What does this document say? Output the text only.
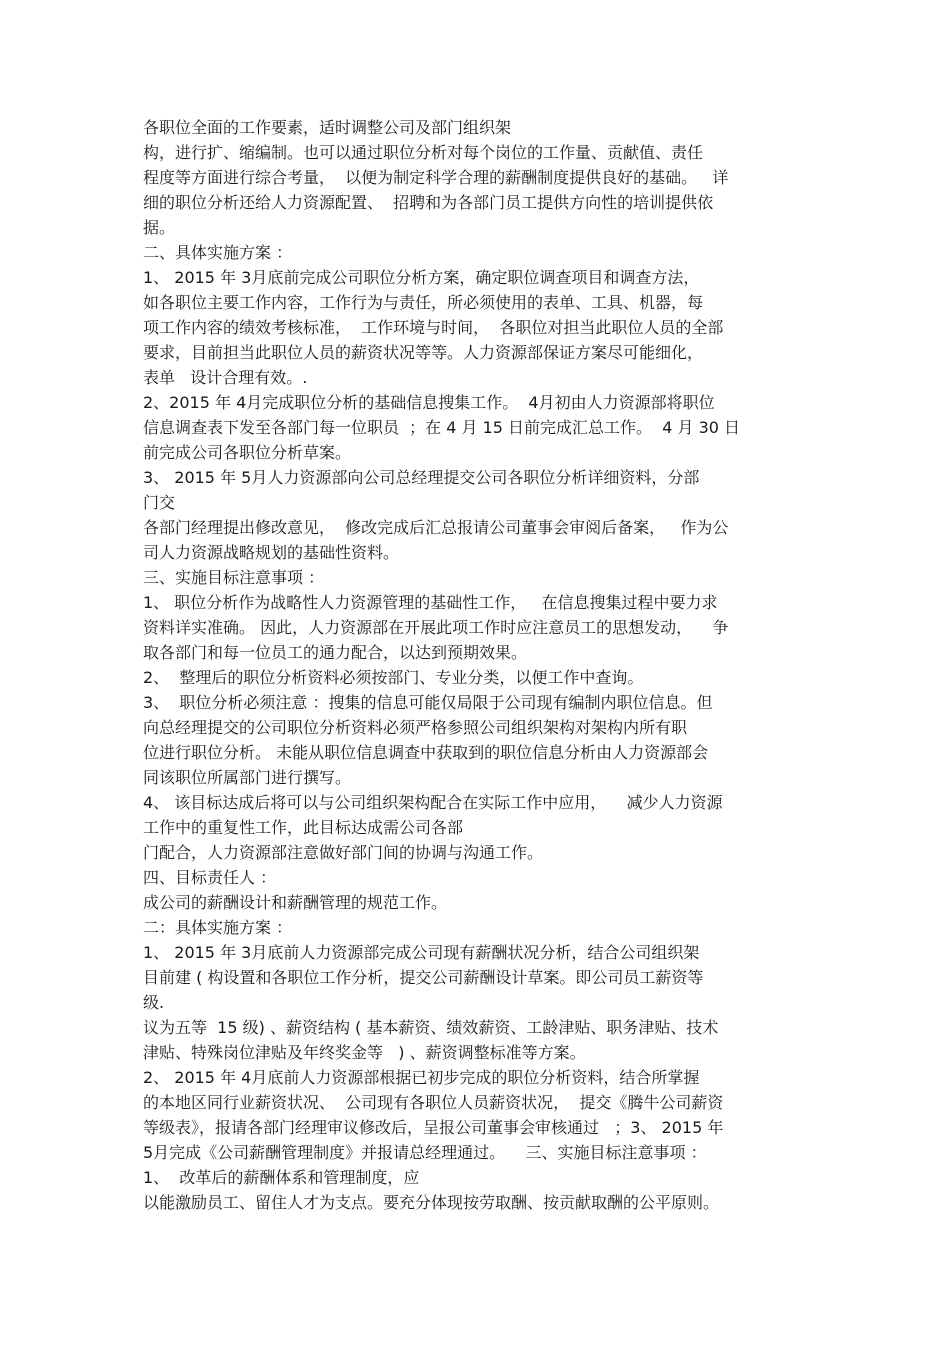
各职位全面的工作要素，适时调整公司及部门组织架
构，进行扩、缩编制。也可以通过职位分析对每个岗位的工作量、贡献值、责任
程度等方面进行综合考量，  以便为制定科学合理的薪酬制度提供良好的基础。   详
细的职位分析还给人力资源配置、  招聘和为各部门员工提供方向性的培训提供依
据。
二、具体实施方案 ：
1、 2015 年 3月底前完成公司职位分析方案，确定职位调查项目和调查方法，
如各职位主要工作内容，工作行为与责任，所必须使用的表单、工具、机器，每
项工作内容的绩效考核标准，  工作环境与时间，  各职位对担当此职位人员的全部
要求，目前担当此职位人员的薪资状况等等。人力资源部保证方案尽可能细化，
表单   设计合理有效。.
2、2015 年 4月完成职位分析的基础信息搜集工作。  4月初由人力资源部将职位
信息调查表下发至各部门每一位职员  ；在 4 月 15 日前完成汇总工作。  4 月 30 日
前完成公司各职位分析草案。
3、 2015 年 5月人力资源部向公司总经理提交公司各职位分析详细资料，分部
门交
各部门经理提出修改意见，  修改完成后汇总报请公司董事会审阅后备案，   作为公
司人力资源战略规划的基础性资料。
三、实施目标注意事项 ：
1、 职位分析作为战略性人力资源管理的基础性工作，   在信息搜集过程中要力求
资料详实准确。 因此，人力资源部在开展此项工作时应注意员工的思想发动，    争
取各部门和每一位员工的通力配合，以达到预期效果。
2、  整理后的职位分析资料必须按部门、专业分类，以便工作中查询。
3、  职位分析必须注意 ：搜集的信息可能仅局限于公司现有编制内职位信息。但
向总经理提交的公司职位分析资料必须严格参照公司组织架构对架构内所有职
位进行职位分析。 未能从职位信息调查中获取到的职位信息分析由人力资源部会
同该职位所属部门进行撰写。
4、 该目标达成后将可以与公司组织架构配合在实际工作中应用，    减少人力资源
工作中的重复性工作，此目标达成需公司各部
门配合，人力资源部注意做好部门间的协调与沟通工作。
四、目标责任人 ：
成公司的薪酬设计和薪酬管理的规范工作。
二：具体实施方案 ：
1、 2015 年 3月底前人力资源部完成公司现有薪酬状况分析，结合公司组织架
目前建 ( 构设置和各职位工作分析，提交公司薪酬设计草案。即公司员工薪资等
级.
议为五等  15 级) 、薪资结构 ( 基本薪资、绩效薪资、工龄津贴、职务津贴、技术
津贴、特殊岗位津贴及年终奖金等   ) 、薪资调整标准等方案。
2、 2015 年 4月底前人力资源部根据已初步完成的职位分析资料，结合所掌握
的本地区同行业薪资状况、  公司现有各职位人员薪资状况，  提交《腾牛公司薪资
等级表》，报请各部门经理审议修改后，呈报公司董事会审核通过   ；3、 2015 年
5月完成《公司薪酬管理制度》并报请总经理通过。    三、实施目标注意事项 ：
1、  改革后的薪酬体系和管理制度，应
以能激励员工、留住人才为支点。要充分体现按劳取酬、按贡献取酬的公平原则。
